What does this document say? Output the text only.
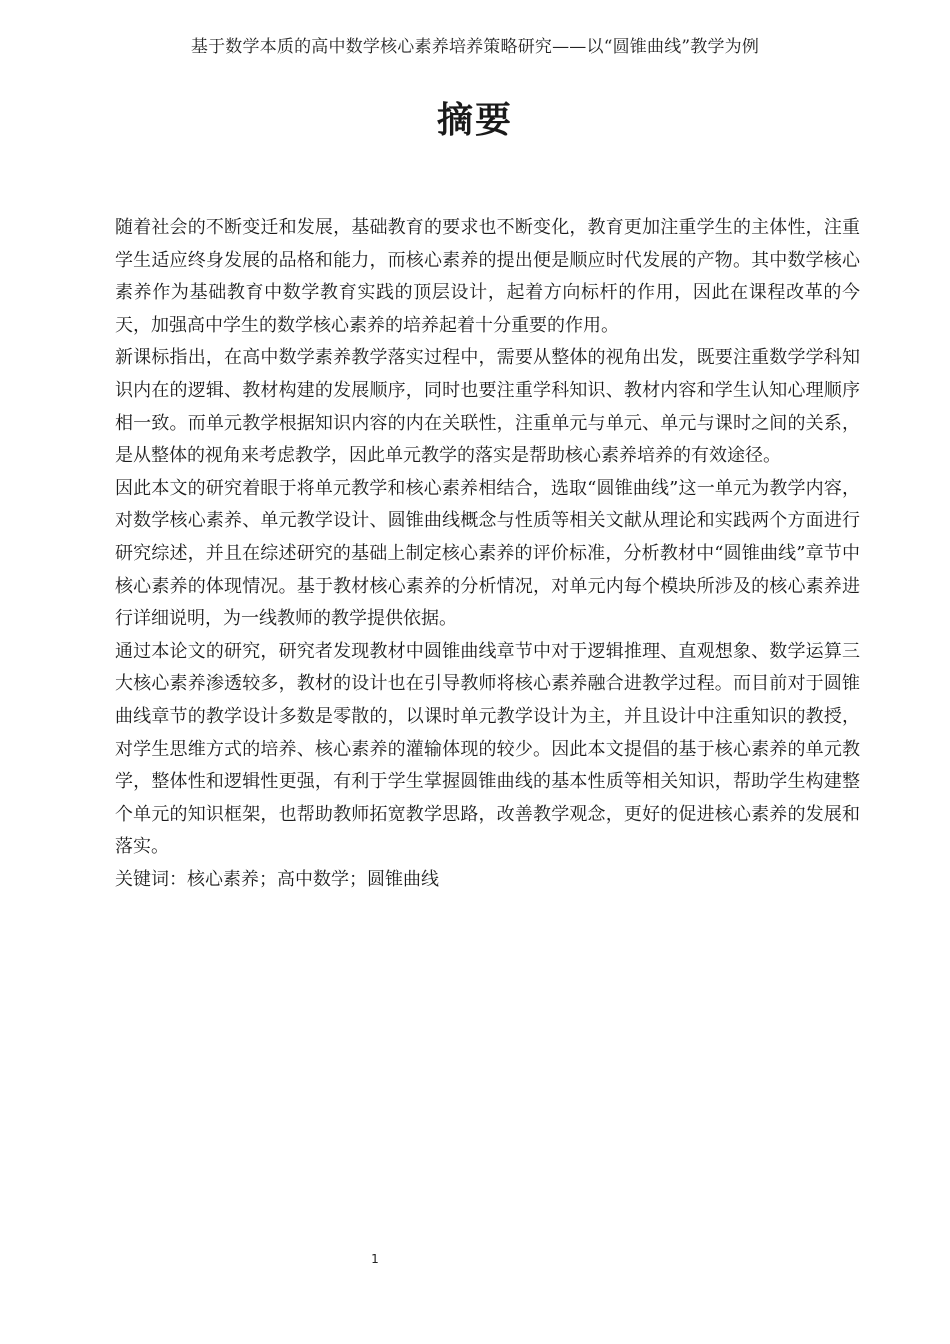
基于数学本质的高中数学核心素养培养策略研究——以“圆锥曲线”教学为例
摘要

随着社会的不断变迁和发展，基础教育的要求也不断变化，教育更加注重学生的主体性，注重学生适应终身发展的品格和能力，而核心素养的提出便是顺应时代发展的产物。其中数学核心素养作为基础教育中数学教育实践的顶层设计，起着方向标杆的作用，因此在课程改革的今天，加强高中学生的数学核心素养的培养起着十分重要的作用。

新课标指出，在高中数学素养教学落实过程中，需要从整体的视角出发，既要注重数学学科知识内在的逻辑、教材构建的发展顺序，同时也要注重学科知识、教材内容和学生认知心理顺序相一致。而单元教学根据知识内容的内在关联性，注重单元与单元、单元与课时之间的关系，是从整体的视角来考虑教学，因此单元教学的落实是帮助核心素养培养的有效途径。

因此本文的研究着眼于将单元教学和核心素养相结合，选取“圆锥曲线”这一单元为教学内容，对数学核心素养、单元教学设计、圆锥曲线概念与性质等相关文献从理论和实践两个方面进行研究综述，并且在综述研究的基础上制定核心素养的评价标准，分析教材中“圆锥曲线”章节中核心素养的体现情况。基于教材核心素养的分析情况，对单元内每个模块所涉及的核心素养进行详细说明，为一线教师的教学提供依据。

通过本论文的研究，研究者发现教材中圆锥曲线章节中对于逻辑推理、直观想象、数学运算三大核心素养渗透较多，教材的设计也在引导教师将核心素养融合进教学过程。而目前对于圆锥曲线章节的教学设计多数是零散的，以课时单元教学设计为主，并且设计中注重知识的教授，对学生思维方式的培养、核心素养的灌输体现的较少。因此本文提倡的基于核心素养的单元教学，整体性和逻辑性更强，有利于学生掌握圆锥曲线的基本性质等相关知识，帮助学生构建整个单元的知识框架，也帮助教师拓宽教学思路，改善教学观念，更好的促进核心素养的发展和落实。

关键词：核心素养；高中数学；圆锥曲线

1
